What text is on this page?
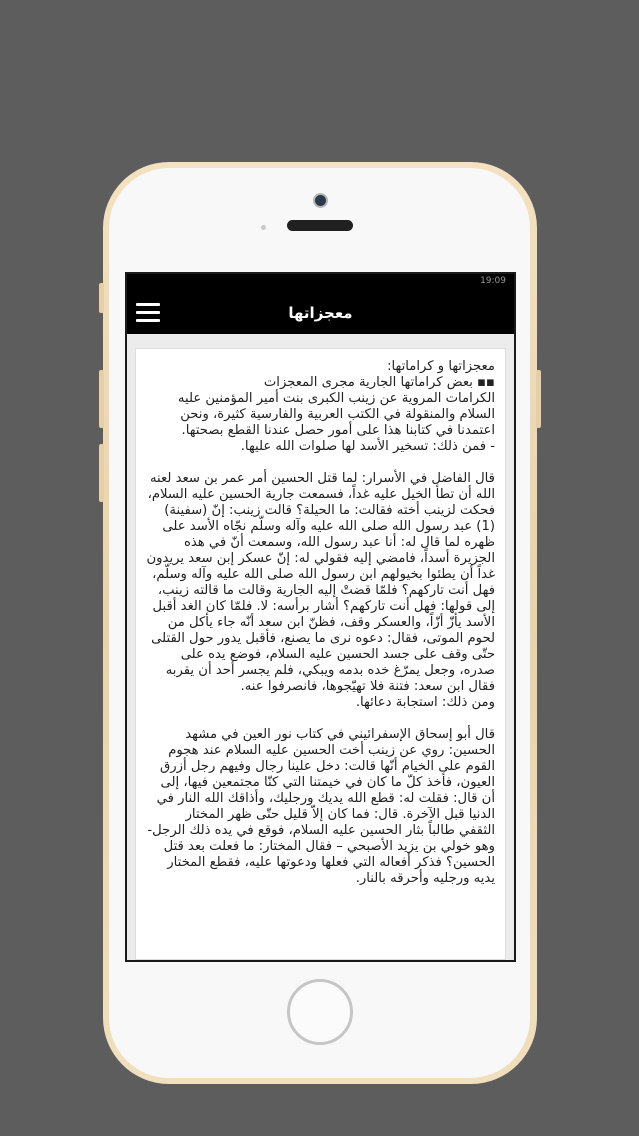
19:09
معجزاتها

معجزاتها و كراماتها:

▪▪ بعض كراماتها الجارية مجرى المعجزات

الكرامات المروية عن زينب الكبرى بنت أمير المؤمنين عليه السلام والمنقولة في الكتب العربية والفارسية كثيرة، ونحن اعتمدنا في كتابنا هذا على أمور حصل عندنا القطع بصحتها.

- فمن ذلك: تسخير الأسد لها صلوات الله عليها.

قال الفاضل في الأسرار: لما قتل الحسين أمر عمر بن سعد لعنه الله أن تطأ الخيل عليه غداً، فسمعت جارية الحسين عليه السلام، فحكت لزينب أخته فقالت: ما الحيلة؟ قالت زينب: إنّ (سفينة)(1) عبد رسول الله صلى الله عليه وآله وسلّم نجّاه الأسد على ظهره لما قال له: أنا عبد رسول الله، وسمعت أنّ في هذه الجزيرة أسداً، فامضي إليه فقولي له: إنّ عسكر إبن سعد يريدون غداً أن يطئوا بخيولهم ابن رسول الله صلى الله عليه وآله وسلّم، فهل أنت تاركهم؟ فلمّا قضتْ إليه الجارية وقالت ما قالته زينب، إلى قولها: فهل أنت تاركهم؟ أشار برأسه: لا. فلمّا كان الغد أقبل الأسد يأزّ أزّاً، والعسكر وقف، فظنّ ابن سعد أنّه جاء يأكل من لحوم الموتى، فقال: دعوه نرى ما يصنع، فأقبل يدور حول القتلى حتّى وقف على جسد الحسين عليه السلام، فوضع يده على صدره، وجعل يمرّغ خده بدمه ويبكي، فلم يجسر أحد أن يقربه فقال ابن سعد: فتنة فلا تهيّجوها، فانصرفوا عنه.

ومن ذلك: استجابة دعائها.

قال أبو إسحاق الإسفرائيني في كتاب نور العين في مشهد الحسين: روي عن زينب أخت الحسين عليه السلام عند هجوم القوم على الخيام أنّها قالت: دخل علينا رجال وفيهم رجل أزرق العيون، فأخذ كلّ ما كان في خيمتنا التي كنّا مجتمعين فيها، إلى أن قال: فقلت له: قطع الله يديك ورجليك، وأذاقك الله النار في الدنيا قبل الآخرة. قال: فما كان إلاّ قليل حتّى ظهر المختار الثقفي طالباً بثار الحسين عليه السلام، فوقع في يده ذلك الرجل- وهو خولي بن يزيد الأصبحي – فقال المختار: ما فعلت بعد قتل الحسين؟ فذكر أفعاله التي فعلها ودعوتها عليه، فقطع المختار يديه ورجليه وأحرقه بالنار.
